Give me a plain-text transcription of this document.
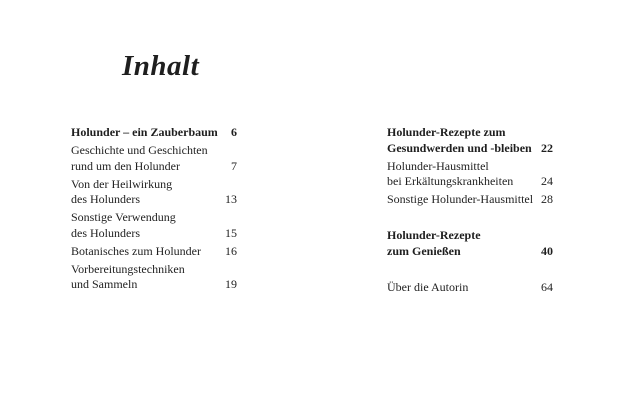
Inhalt
Holunder – ein Zauberbaum	6
Geschichte und Geschichten
rund um den Holunder	7
Von der Heilwirkung
des Holunders	13
Sonstige Verwendung
des Holunders	15
Botanisches zum Holunder	16
Vorbereitungstechniken
und Sammeln	19
Holunder-Rezepte zum
Gesundwerden und -bleiben 22
Holunder-Hausmittel
bei Erkältungskrankheiten	24
Sonstige Holunder-Hausmittel 28
Holunder-Rezepte
zum Genießen	40
Über die Autorin	64
